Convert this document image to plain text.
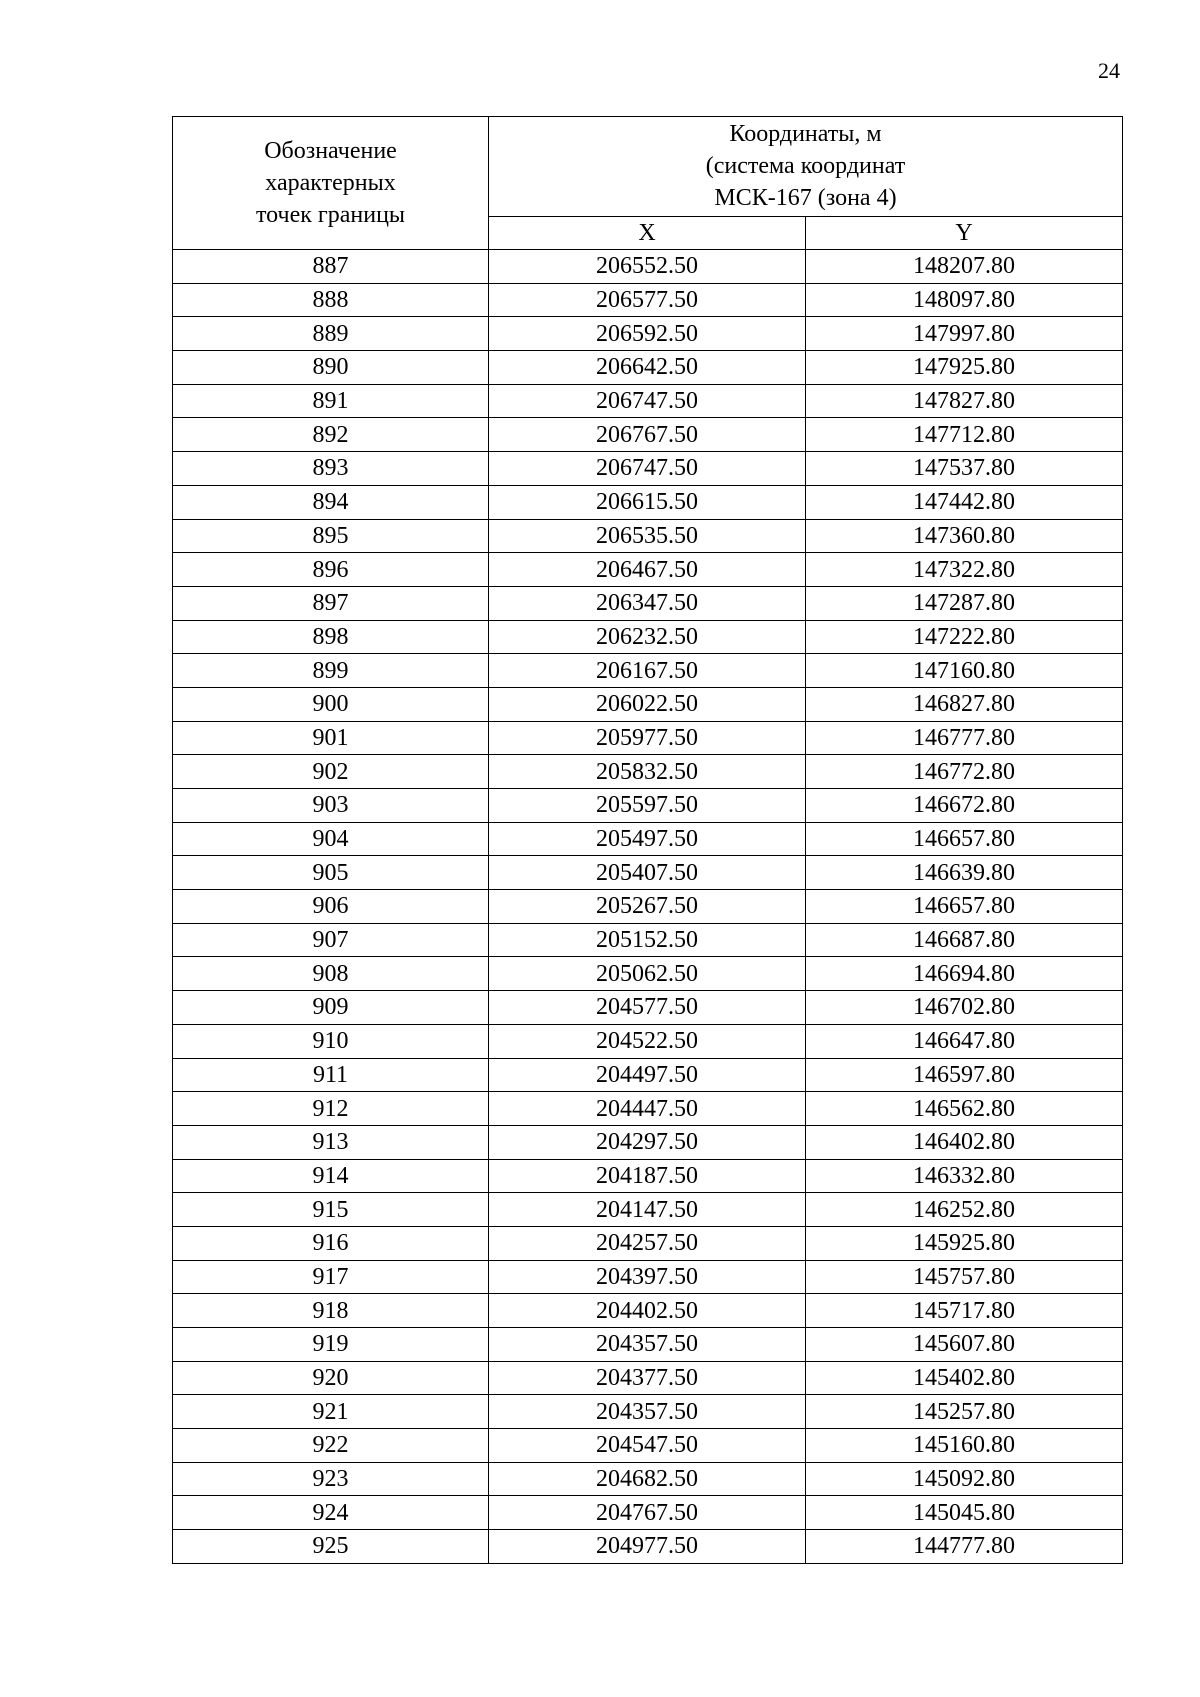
24
Обозначение
характерных
точек границы	Координаты, м
(система координат
МСК-167 (зона 4)	

	X	Y
887	206552.50	148207.80
888	206577.50	148097.80
889	206592.50	147997.80
890	206642.50	147925.80
891	206747.50	147827.80
892	206767.50	147712.80
893	206747.50	147537.80
894	206615.50	147442.80
895	206535.50	147360.80
896	206467.50	147322.80
897	206347.50	147287.80
898	206232.50	147222.80
899	206167.50	147160.80
900	206022.50	146827.80
901	205977.50	146777.80
902	205832.50	146772.80
903	205597.50	146672.80
904	205497.50	146657.80
905	205407.50	146639.80
906	205267.50	146657.80
907	205152.50	146687.80
908	205062.50	146694.80
909	204577.50	146702.80
910	204522.50	146647.80
911	204497.50	146597.80
912	204447.50	146562.80
913	204297.50	146402.80
914	204187.50	146332.80
915	204147.50	146252.80
916	204257.50	145925.80
917	204397.50	145757.80
918	204402.50	145717.80
919	204357.50	145607.80
920	204377.50	145402.80
921	204357.50	145257.80
922	204547.50	145160.80
923	204682.50	145092.80
924	204767.50	145045.80
925	204977.50	144777.80
